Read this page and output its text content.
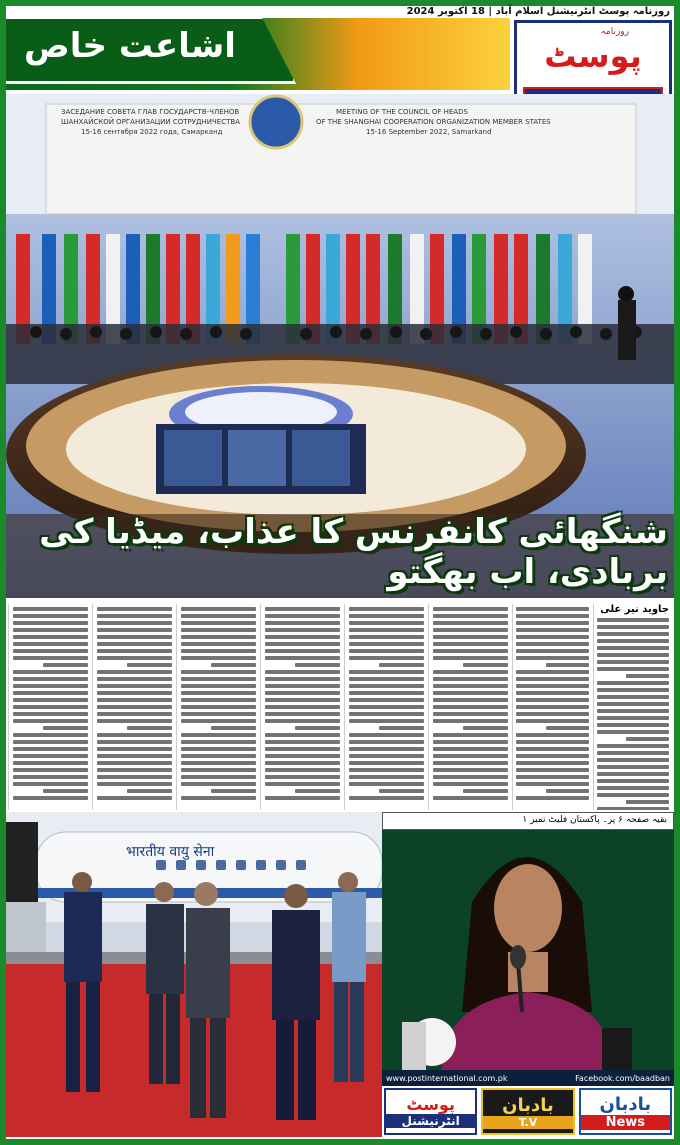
روزنامہ پوسٹ انٹرنیشنل اسلام آباد | 18 اکتوبر 2024
اشاعت خاص	روزنامہ
پوسٹ
ЗАСЕДАНИЕ СОВЕТА ГЛАВ ГОСУДАРСТВ-ЧЛЕНОВ
ШАНХАЙСКОЙ ОРГАНИЗАЦИИ СОТРУДНИЧЕСТВА
15-16 сентября 2022 года, Самарканд
MEETING OF THE COUNCIL OF HEADS
OF THE SHANGHAI COOPERATION ORGANIZATION MEMBER STATES
15-16 September 2022, Samarkand
شنگھائی کانفرنس کا عذاب، میڈیا کی بربادی، اب بھگتو
جاوید نیر علی
भारतीय वायु सेना
بقیہ صفحہ ۶ پر۔ پاکستان فلیٹ نمبر ۱
www.postinternational.com.pk	Facebook.com/baadban
پوسٹ
انٹرنیشنل
بادبان
T.V
بادبان
News
